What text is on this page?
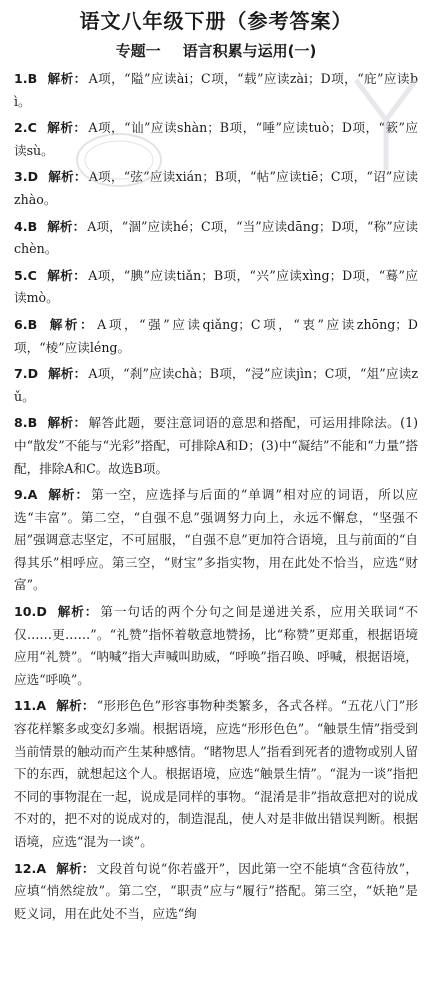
语文八年级下册（参考答案）
专题一 语言积累与运用(一)

1.B 解析： A项，“隘”应读ài；C项，“载”应读zài；D项，“庇”应读bì。

2.C 解析： A项，“讪”应读shàn；B项，“唾”应读tuò；D项，“簌”应读sù。

3.D 解析： A项，“弦”应读xián；B项，“帖”应读tiē；C项，“诏”应读zhào。

4.B 解析： A项，“涸”应读hé；C项，“当”应读dāng；D项，“称”应读chèn。

5.C 解析： A项，“腆”应读tiǎn；B项，“兴”应读xìng；D项，“蓦”应读mò。

6.B 解析： A项，“强”应读qiǎng；C项，“衷”应读zhōng；D项，“棱”应读léng。

7.D 解析： A项，“刹”应读chà；B项，“浸”应读jìn；C项，“俎”应读zǔ。

8.B 解析： 解答此题，要注意词语的意思和搭配，可运用排除法。(1)中“散发”不能与“光彩”搭配，可排除A和D；(3)中“凝结”不能和“力量”搭配，排除A和C。故选B项。

9.A 解析： 第一空，应选择与后面的“单调”相对应的词语，所以应选“丰富”。第二空，“自强不息”强调努力向上，永远不懈怠，“坚强不屈”强调意志坚定，不可屈服，“自强不息”更加符合语境，且与前面的“自得其乐”相呼应。第三空，“财宝”多指实物，用在此处不恰当，应选“财富”。

10.D 解析： 第一句话的两个分句之间是递进关系，应用关联词“不仅……更……”。“礼赞”指怀着敬意地赞扬，比“称赞”更郑重，根据语境应用“礼赞”。“呐喊”指大声喊叫助威，“呼唤”指召唤、呼喊，根据语境，应选“呼唤”。

11.A 解析： “形形色色”形容事物种类繁多，各式各样。“五花八门”形容花样繁多或变幻多端。根据语境，应选“形形色色”。“触景生情”指受到当前情景的触动而产生某种感情。“睹物思人”指看到死者的遗物或别人留下的东西，就想起这个人。根据语境，应选“触景生情”。“混为一谈”指把不同的事物混在一起，说成是同样的事物。“混淆是非”指故意把对的说成不对的，把不对的说成对的，制造混乱，使人对是非做出错误判断。根据语境，应选“混为一谈”。

12.A 解析： 文段首句说“你若盛开”，因此第一空不能填“含苞待放”，应填“悄然绽放”。第二空，“职责”应与“履行”搭配。第三空，“妖艳”是贬义词，用在此处不当，应选“绚
